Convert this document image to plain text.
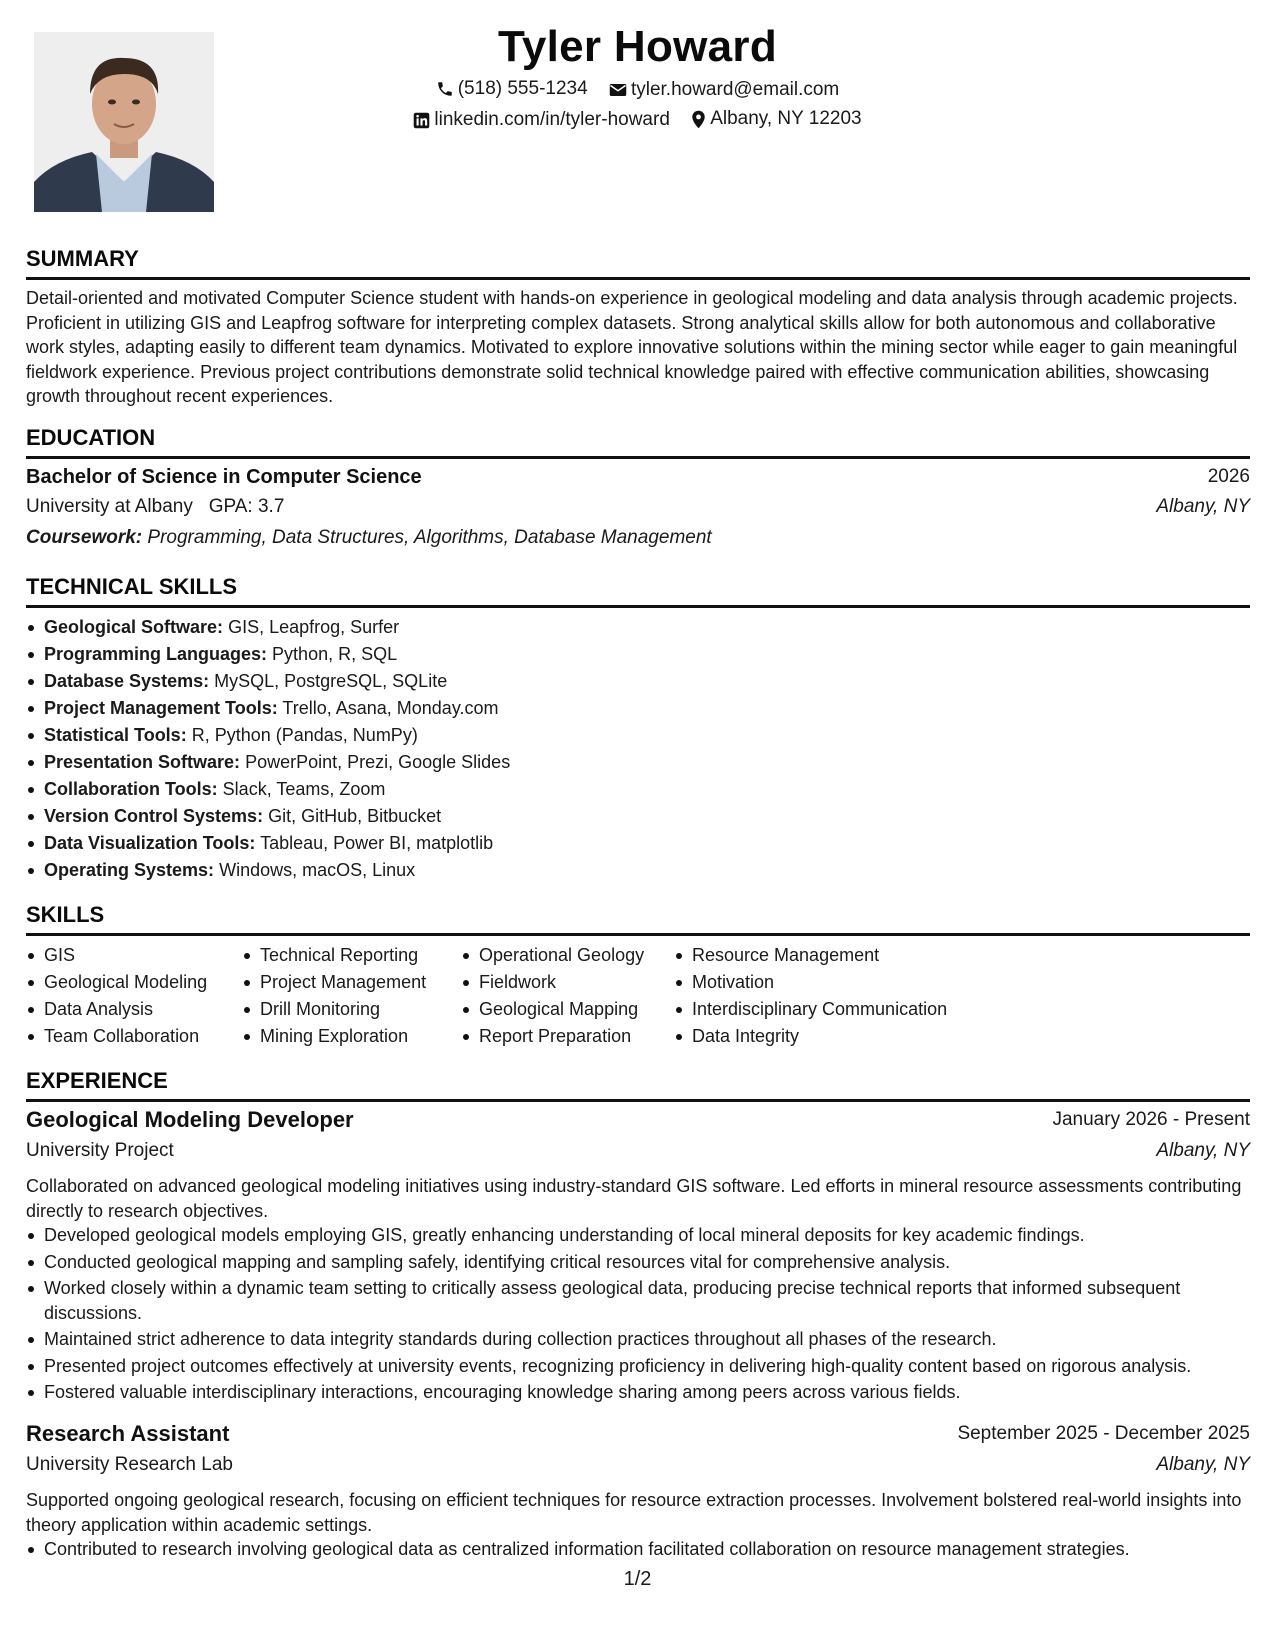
Tyler Howard
(518) 555-1234
tyler.howard@email.com
linkedin.com/in/tyler-howard
Albany, NY 12203
SUMMARY
Detail-oriented and motivated Computer Science student with hands-on experience in geological modeling and data analysis through academic projects. Proficient in utilizing GIS and Leapfrog software for interpreting complex datasets. Strong analytical skills allow for both autonomous and collaborative work styles, adapting easily to different team dynamics. Motivated to explore innovative solutions within the mining sector while eager to gain meaningful fieldwork experience. Previous project contributions demonstrate solid technical knowledge paired with effective communication abilities, showcasing growth throughout recent experiences.
EDUCATION
Bachelor of Science in Computer Science	2026
University at Albany GPA: 3.7	Albany, NY
Coursework: Programming, Data Structures, Algorithms, Database Management
TECHNICAL SKILLS
Geological Software: GIS, Leapfrog, Surfer
Programming Languages: Python, R, SQL
Database Systems: MySQL, PostgreSQL, SQLite
Project Management Tools: Trello, Asana, Monday.com
Statistical Tools: R, Python (Pandas, NumPy)
Presentation Software: PowerPoint, Prezi, Google Slides
Collaboration Tools: Slack, Teams, Zoom
Version Control Systems: Git, GitHub, Bitbucket
Data Visualization Tools: Tableau, Power BI, matplotlib
Operating Systems: Windows, macOS, Linux
SKILLS
GIS
Geological Modeling
Data Analysis
Team Collaboration
Technical Reporting
Project Management
Drill Monitoring
Mining Exploration
Operational Geology
Fieldwork
Geological Mapping
Report Preparation
Resource Management
Motivation
Interdisciplinary Communication
Data Integrity
EXPERIENCE
Geological Modeling Developer	January 2026 - Present
University Project	Albany, NY
Collaborated on advanced geological modeling initiatives using industry-standard GIS software. Led efforts in mineral resource assessments contributing directly to research objectives.
Developed geological models employing GIS, greatly enhancing understanding of local mineral deposits for key academic findings.
Conducted geological mapping and sampling safely, identifying critical resources vital for comprehensive analysis.
Worked closely within a dynamic team setting to critically assess geological data, producing precise technical reports that informed subsequent discussions.
Maintained strict adherence to data integrity standards during collection practices throughout all phases of the research.
Presented project outcomes effectively at university events, recognizing proficiency in delivering high-quality content based on rigorous analysis.
Fostered valuable interdisciplinary interactions, encouraging knowledge sharing among peers across various fields.
Research Assistant	September 2025 - December 2025
University Research Lab	Albany, NY
Supported ongoing geological research, focusing on efficient techniques for resource extraction processes. Involvement bolstered real-world insights into theory application within academic settings.
Contributed to research involving geological data as centralized information facilitated collaboration on resource management strategies.
1/2
